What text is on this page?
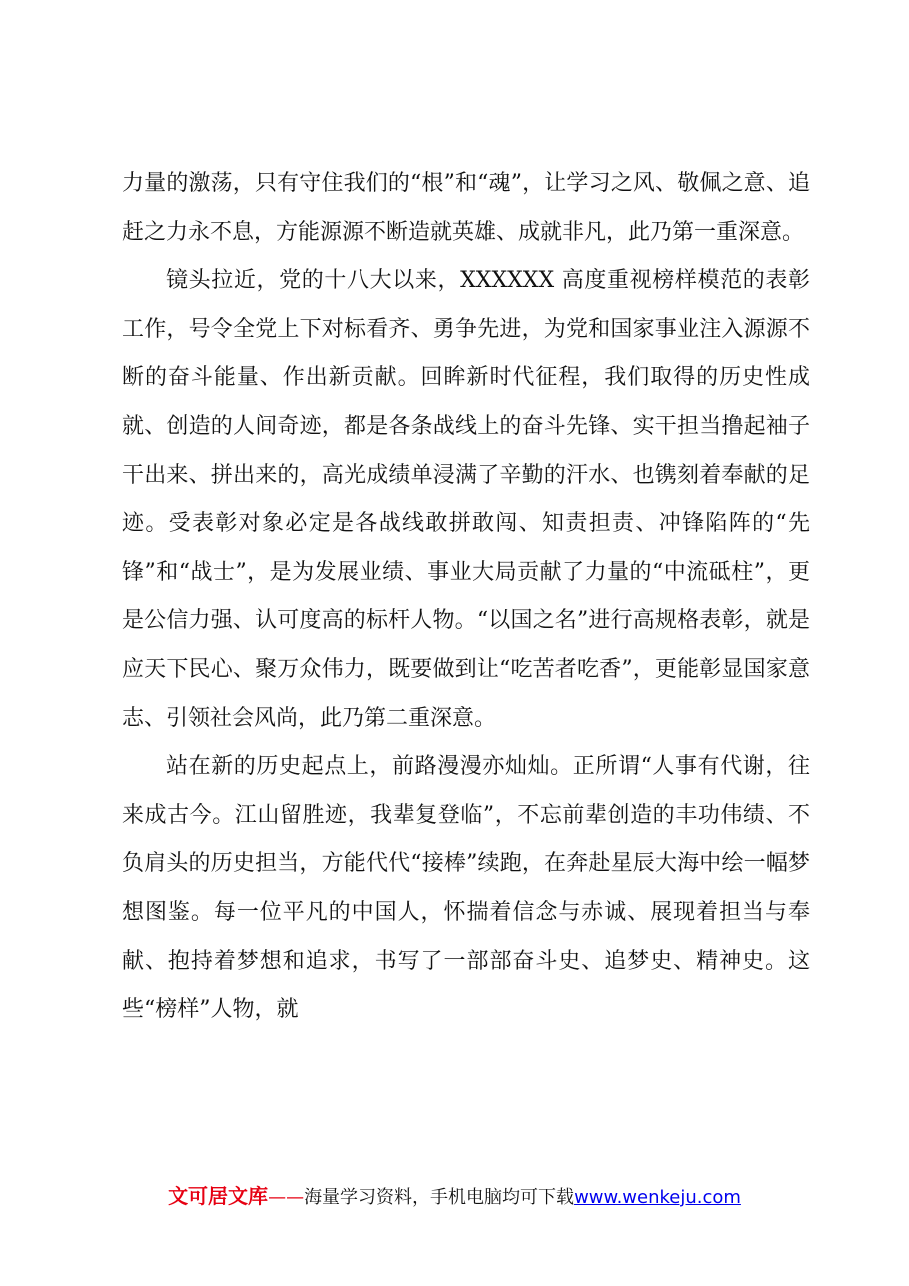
力量的激荡，只有守住我们的“根”和“魂”，让学习之风、敬佩之意、追赶之力永不息，方能源源不断造就英雄、成就非凡，此乃第一重深意。

镜头拉近，党的十八大以来，XXXXXX 高度重视榜样模范的表彰工作，号令全党上下对标看齐、勇争先进，为党和国家事业注入源源不断的奋斗能量、作出新贡献。回眸新时代征程，我们取得的历史性成就、创造的人间奇迹，都是各条战线上的奋斗先锋、实干担当撸起袖子干出来、拼出来的，高光成绩单浸满了辛勤的汗水、也镌刻着奉献的足迹。受表彰对象必定是各战线敢拼敢闯、知责担责、冲锋陷阵的“先锋”和“战士”，是为发展业绩、事业大局贡献了力量的“中流砥柱”，更是公信力强、认可度高的标杆人物。“以国之名”进行高规格表彰，就是应天下民心、聚万众伟力，既要做到让“吃苦者吃香”，更能彰显国家意志、引领社会风尚，此乃第二重深意。

站在新的历史起点上，前路漫漫亦灿灿。正所谓“人事有代谢，往来成古今。江山留胜迹，我辈复登临”，不忘前辈创造的丰功伟绩、不负肩头的历史担当，方能代代“接棒”续跑，在奔赴星辰大海中绘一幅梦想图鉴。每一位平凡的中国人，怀揣着信念与赤诚、展现着担当与奉献、抱持着梦想和追求，书写了一部部奋斗史、追梦史、精神史。这些“榜样”人物，就

文可居文库——海量学习资料，手机电脑均可下载www.wenkeju.com
